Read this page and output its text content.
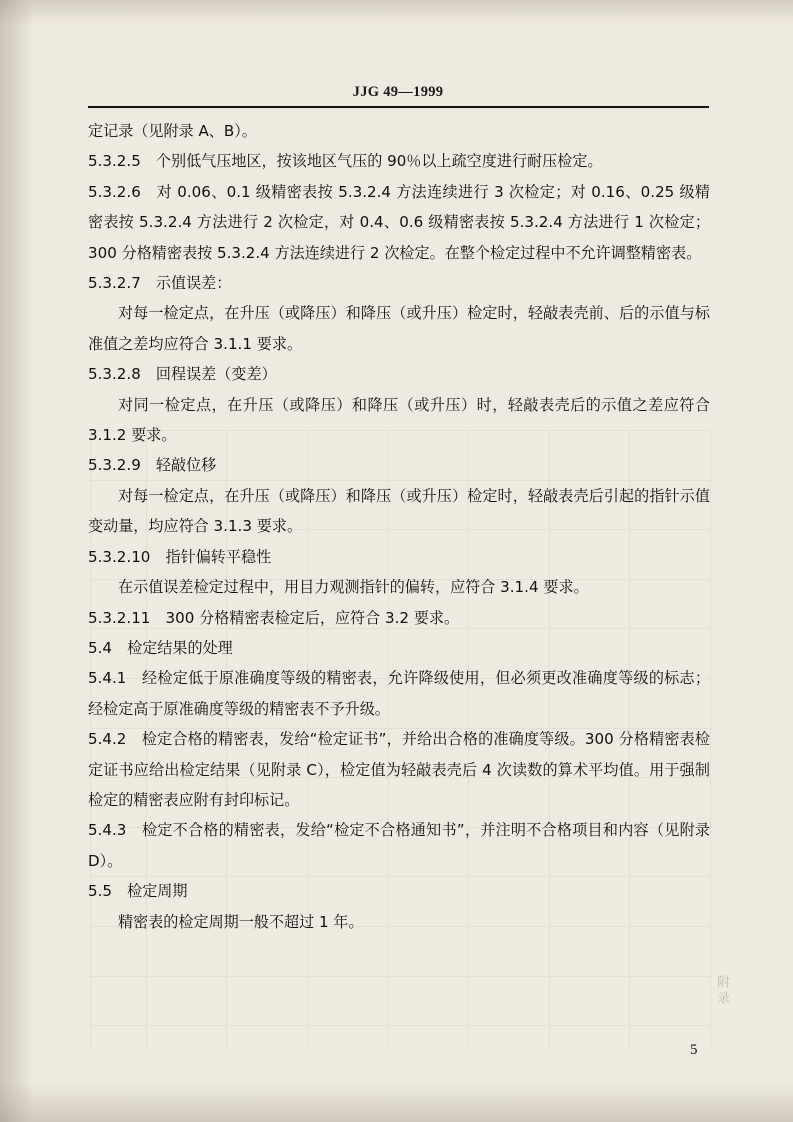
JJG 49—1999

定记录（见附录 A、B）。

5.3.2.5　个别低气压地区，按该地区气压的 90％以上疏空度进行耐压检定。

5.3.2.6　对 0.06、0.1 级精密表按 5.3.2.4 方法连续进行 3 次检定；对 0.16、0.25 级精密表按 5.3.2.4 方法进行 2 次检定，对 0.4、0.6 级精密表按 5.3.2.4 方法进行 1 次检定；300 分格精密表按 5.3.2.4 方法连续进行 2 次检定。在整个检定过程中不允许调整精密表。

5.3.2.7　示值误差：

对每一检定点，在升压（或降压）和降压（或升压）检定时，轻敲表壳前、后的示值与标准值之差均应符合 3.1.1 要求。

5.3.2.8　回程误差（变差）

对同一检定点，在升压（或降压）和降压（或升压）时，轻敲表壳后的示值之差应符合 3.1.2 要求。

5.3.2.9　轻敲位移

对每一检定点，在升压（或降压）和降压（或升压）检定时，轻敲表壳后引起的指针示值变动量，均应符合 3.1.3 要求。

5.3.2.10　指针偏转平稳性

在示值误差检定过程中，用目力观测指针的偏转，应符合 3.1.4 要求。

5.3.2.11　300 分格精密表检定后，应符合 3.2 要求。

5.4　检定结果的处理

5.4.1　经检定低于原准确度等级的精密表，允许降级使用，但必须更改准确度等级的标志；经检定高于原准确度等级的精密表不予升级。

5.4.2　检定合格的精密表，发给“检定证书”，并给出合格的准确度等级。300 分格精密表检定证书应给出检定结果（见附录 C），检定值为轻敲表壳后 4 次读数的算术平均值。用于强制检定的精密表应附有封印标记。

5.4.3　检定不合格的精密表，发给“检定不合格通知书”，并注明不合格项目和内容（见附录 D）。

5.5　检定周期

精密表的检定周期一般不超过 1 年。

附录
5
